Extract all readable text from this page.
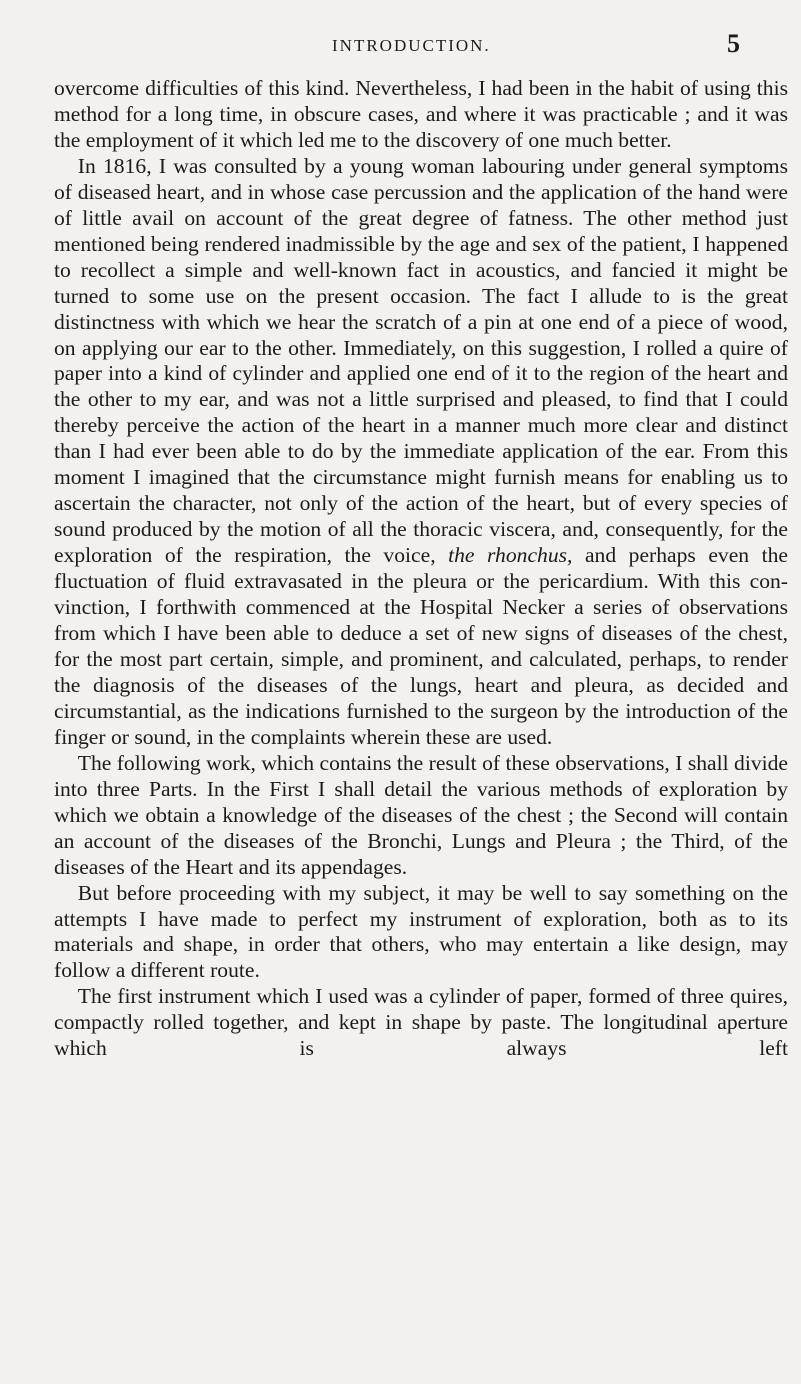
INTRODUCTION.	5

overcome difficulties of this kind. Nevertheless, I had been in the habit of using this method for a long time, in obscure cases, and where it was practicable ; and it was the employment of it which led me to the discovery of one much better.

In 1816, I was consulted by a young woman labouring under general symptoms of diseased heart, and in whose case percussion and the application of the hand were of little avail on account of the great degree of fatness. The other method just mentioned being rendered inadmissible by the age and sex of the patient, I happened to recollect a simple and well-known fact in acoustics, and fancied it might be turned to some use on the present occasion. The fact I allude to is the great distinctness with which we hear the scratch of a pin at one end of a piece of wood, on applying our ear to the other. Immediately, on this suggestion, I rolled a quire of paper into a kind of cylinder and applied one end of it to the region of the heart and the other to my ear, and was not a little surprised and pleased, to find that I could thereby perceive the action of the heart in a manner much more clear and distinct than I had ever been able to do by the immediate application of the ear. From this moment I imagined that the circumstance might furnish means for enabling us to ascertain the character, not only of the action of the heart, but of every species of sound produced by the motion of all the thoracic viscera, and, consequently, for the exploration of the respiration, the voice, the rhonchus, and perhaps even the fluctuation of fluid extravasated in the pleura or the pericardium. With this convinction, I forthwith commenced at the Hospital Necker a series of observations from which I have been able to deduce a set of new signs of diseases of the chest, for the most part certain, simple, and prominent, and calculated, perhaps, to render the diagnosis of the diseases of the lungs, heart and pleura, as decided and circumstantial, as the indications furnished to the surgeon by the introduction of the finger or sound, in the complaints wherein these are used.

The following work, which contains the result of these observations, I shall divide into three Parts. In the First I shall detail the various methods of exploration by which we obtain a knowledge of the diseases of the chest ; the Second will contain an account of the diseases of the Bronchi, Lungs and Pleura ; the Third, of the diseases of the Heart and its appendages.

But before proceeding with my subject, it may be well to say something on the attempts I have made to perfect my instrument of exploration, both as to its materials and shape, in order that others, who may entertain a like design, may follow a different route.

The first instrument which I used was a cylinder of paper, formed of three quires, compactly rolled together, and kept in shape by paste. The longitudinal aperture which is always left
